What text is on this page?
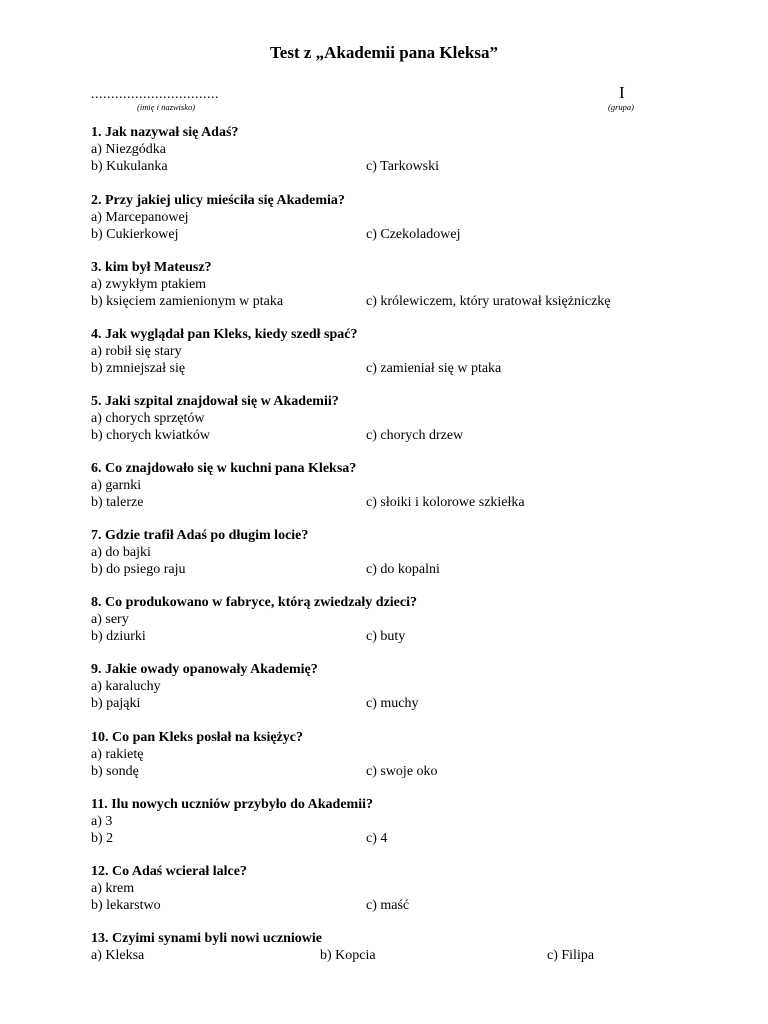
Test z „Akademii pana Kleksa”
................................
(imię i nazwisko)
I
(grupa)
1. Jak nazywał się Adaś?
a) Niezgódka
b) Kukulanka	c) Tarkowski
2. Przy jakiej ulicy mieściła się Akademia?
a) Marcepanowej
b) Cukierkowej	c) Czekoladowej
3. kim był Mateusz?
a) zwykłym ptakiem
b) księciem zamienionym w ptaka	c) królewiczem, który uratował księżniczkę
4. Jak wyglądał pan Kleks, kiedy szedł spać?
a) robił się stary
b) zmniejszał się	c) zamieniał się w ptaka
5. Jaki szpital znajdował się w Akademii?
a) chorych sprzętów
b) chorych kwiatków	c) chorych drzew
6. Co znajdowało się w kuchni pana Kleksa?
a) garnki
b) talerze	c) słoiki i kolorowe szkiełka
7. Gdzie trafił Adaś po długim locie?
a) do bajki
b) do psiego raju	c) do kopalni
8. Co produkowano w fabryce, którą zwiedzały dzieci?
a) sery
b) dziurki	c) buty
9. Jakie owady opanowały Akademię?
a) karaluchy
b) pająki	c) muchy
10. Co pan Kleks posłał na księżyc?
a) rakietę
b) sondę	c) swoje oko
11. Ilu nowych uczniów przybyło do Akademii?
a) 3
b) 2	c) 4
12. Co Adaś wcierał lalce?
a) krem
b) lekarstwo	c) maść
13. Czyimi synami byli nowi uczniowie
a) Kleksa	b) Kopcia	c) Filipa
